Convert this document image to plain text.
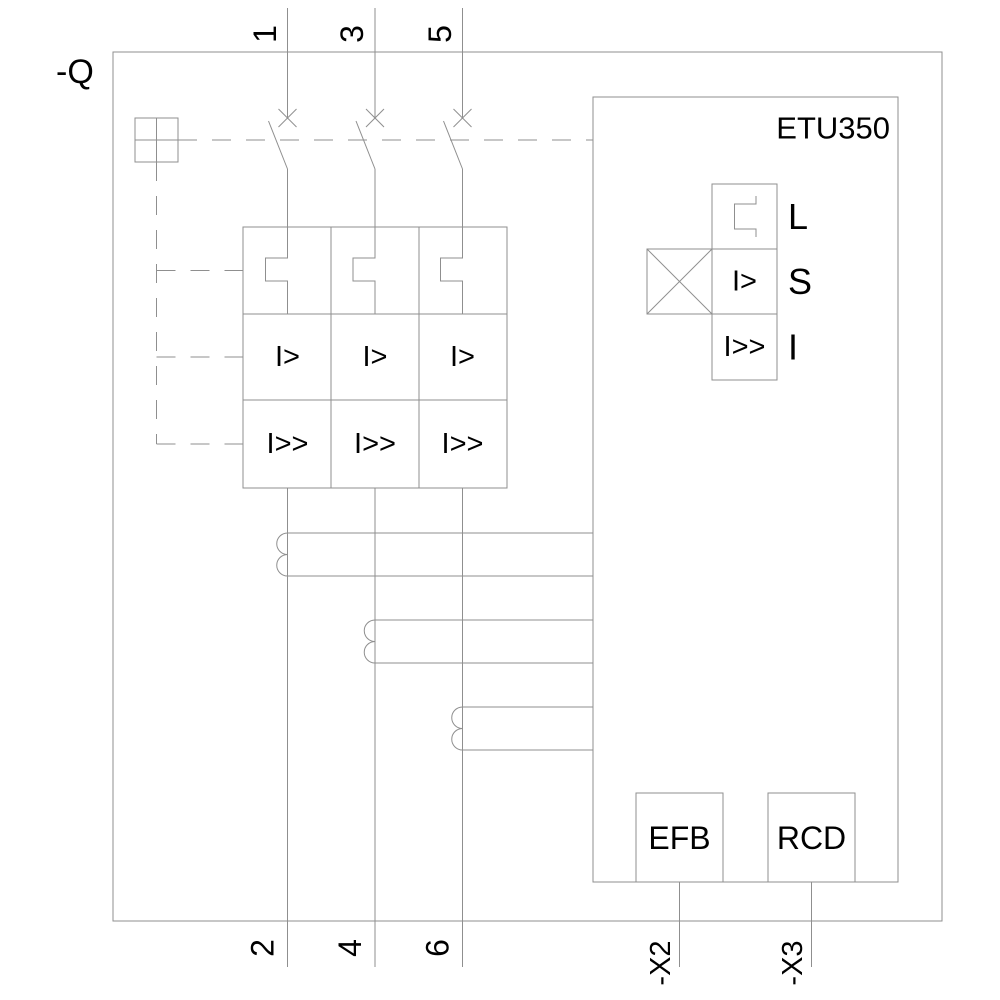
-Q
1
2
3
4
5
6
I> I> I>
I>> I>> I>>
ETU350
I>
I>>
L
S
I
EFB RCD
-X2	-X3
